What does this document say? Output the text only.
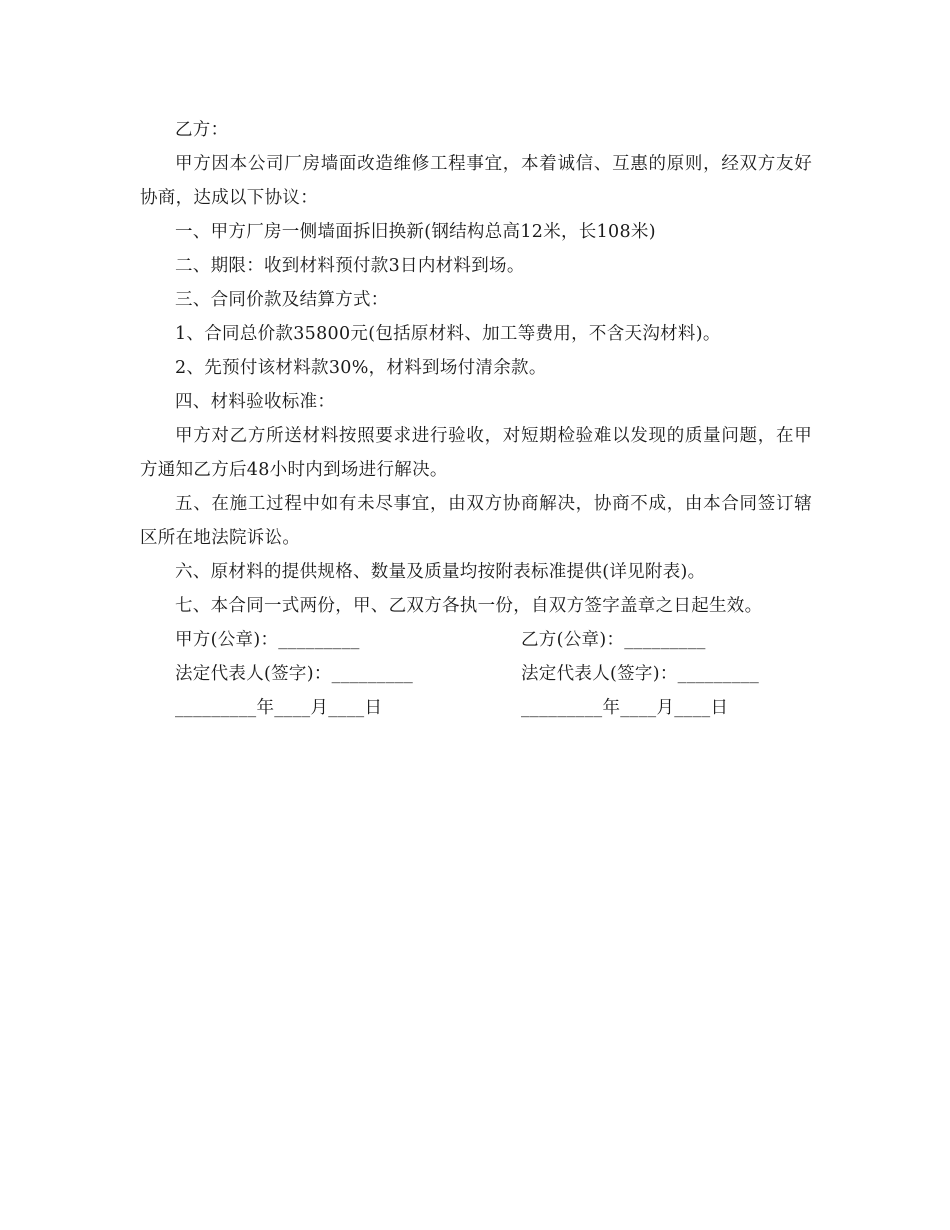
乙方：

甲方因本公司厂房墙面改造维修工程事宜，本着诚信、互惠的原则，经双方友好协商，达成以下协议：

一、甲方厂房一侧墙面拆旧换新(钢结构总高12米，长108米)

二、期限：收到材料预付款3日内材料到场。

三、合同价款及结算方式：

1、合同总价款35800元(包括原材料、加工等费用，不含天沟材料)。

2、先预付该材料款30%，材料到场付清余款。

四、材料验收标准：

甲方对乙方所送材料按照要求进行验收，对短期检验难以发现的质量问题，在甲方通知乙方后48小时内到场进行解决。

五、在施工过程中如有未尽事宜，由双方协商解决，协商不成，由本合同签订辖区所在地法院诉讼。

六、原材料的提供规格、数量及质量均按附表标准提供(详见附表)。

七、本合同一式两份，甲、乙双方各执一份，自双方签字盖章之日起生效。

甲方(公章)：_________	乙方(公章)：_________
法定代表人(签字)：_________	法定代表人(签字)：_________
_________年____月____日	_________年____月____日
